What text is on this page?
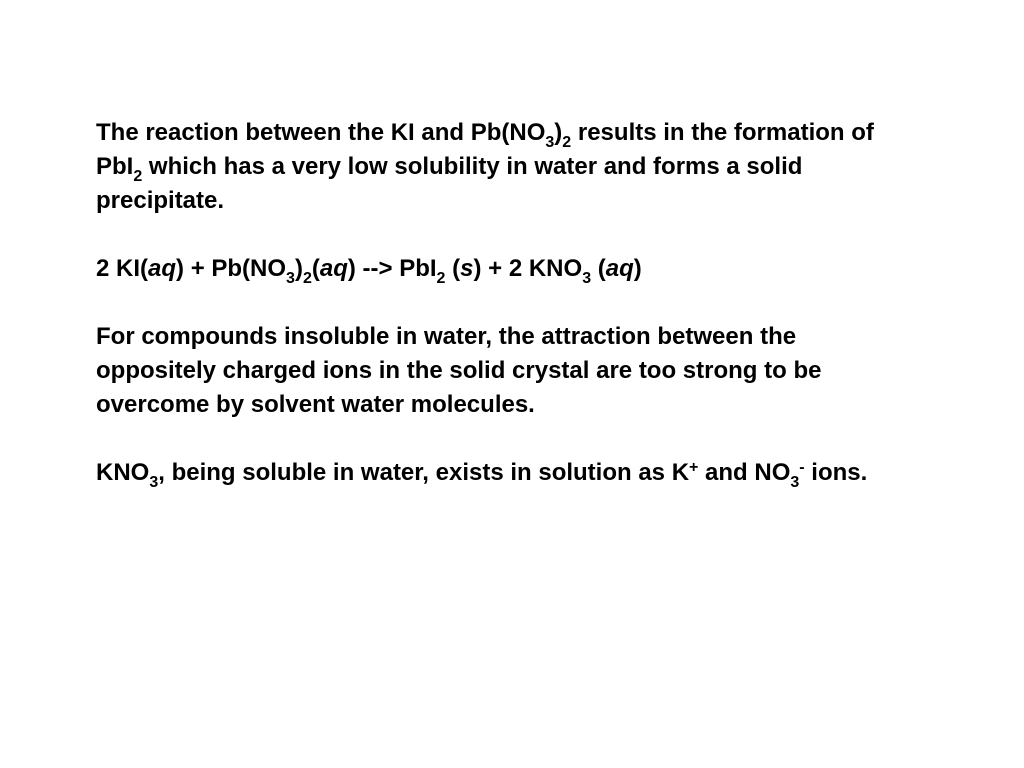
The reaction between the KI and $Pb(NO_3)_2$ results in the formation of PbI$_2$ which has a very low solubility in water and forms a solid precipitate.

2 $KI(aq) + Pb(NO_3)_2(aq)$ --> PbI$_2$ (s) + 2 $KNO_3$ (aq)

For compounds insoluble in water, the attraction between the oppositely charged ions in the solid crystal are too strong to be overcome by solvent water molecules.

$KNO_3$, being soluble in water, exists in solution as K+ and $NO_3^-$ ions.
